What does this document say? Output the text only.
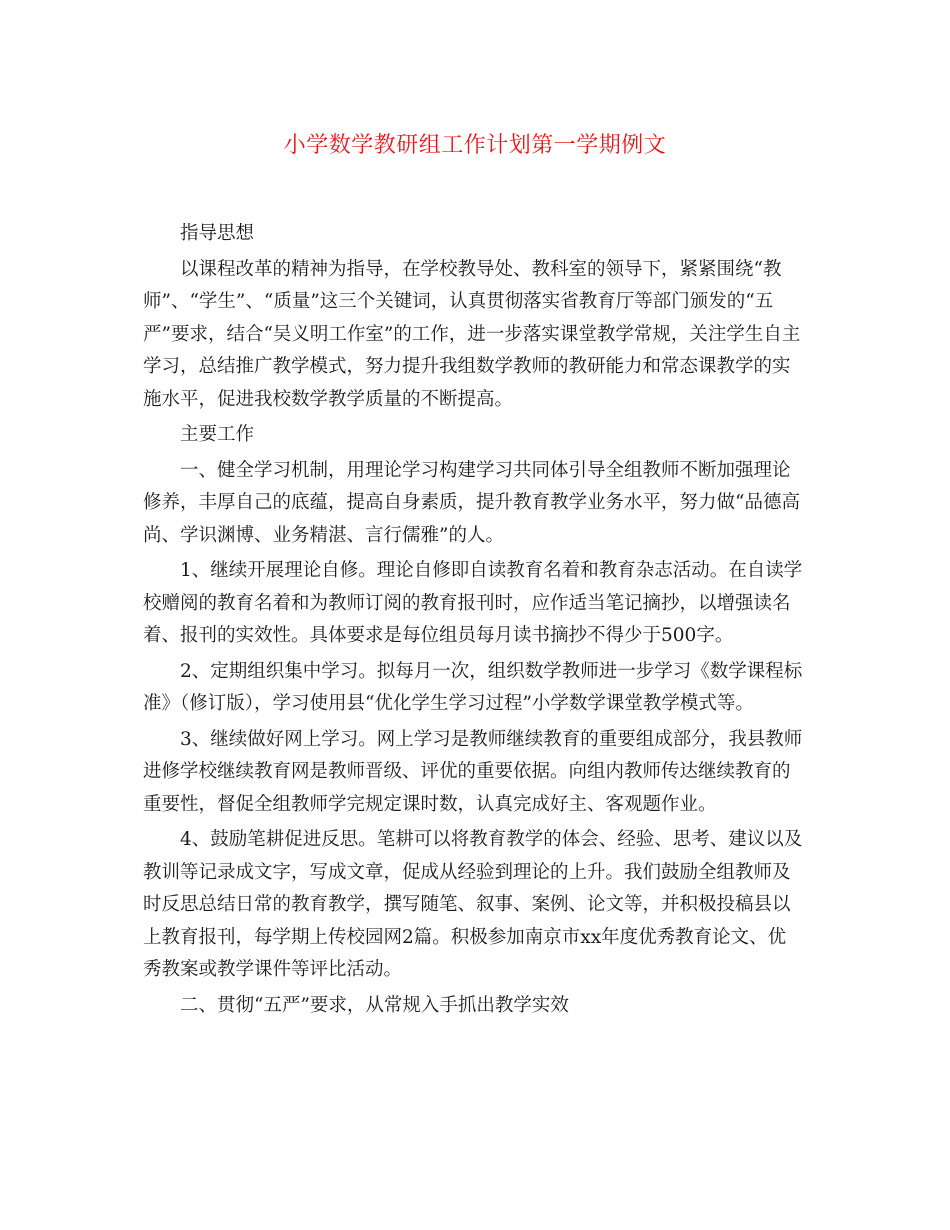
小学数学教研组工作计划第一学期例文
指导思想
以课程改革的精神为指导，在学校教导处、教科室的领导下，紧紧围绕“教
师”、“学生”、“质量”这三个关键词，认真贯彻落实省教育厅等部门颁发的“五
严”要求，结合“吴义明工作室”的工作，进一步落实课堂教学常规，关注学生自主
学习，总结推广教学模式，努力提升我组数学教师的教研能力和常态课教学的实
施水平，促进我校数学教学质量的不断提高。
主要工作
一、健全学习机制，用理论学习构建学习共同体引导全组教师不断加强理论
修养，丰厚自己的底蕴，提高自身素质，提升教育教学业务水平，努力做“品德高
尚、学识渊博、业务精湛、言行儒雅”的人。
1、继续开展理论自修。理论自修即自读教育名着和教育杂志活动。在自读学
校赠阅的教育名着和为教师订阅的教育报刊时，应作适当笔记摘抄，以增强读名
着、报刊的实效性。具体要求是每位组员每月读书摘抄不得少于500字。
2、定期组织集中学习。拟每月一次，组织数学教师进一步学习《数学课程标
准》（修订版），学习使用县“优化学生学习过程”小学数学课堂教学模式等。
3、继续做好网上学习。网上学习是教师继续教育的重要组成部分，我县教师
进修学校继续教育网是教师晋级、评优的重要依据。向组内教师传达继续教育的
重要性，督促全组教师学完规定课时数，认真完成好主、客观题作业。
4、鼓励笔耕促进反思。笔耕可以将教育教学的体会、经验、思考、建议以及
教训等记录成文字，写成文章，促成从经验到理论的上升。我们鼓励全组教师及
时反思总结日常的教育教学，撰写随笔、叙事、案例、论文等，并积极投稿县以
上教育报刊，每学期上传校园网2篇。积极参加南京市xx年度优秀教育论文、优
秀教案或教学课件等评比活动。
二、贯彻“五严”要求，从常规入手抓出教学实效
